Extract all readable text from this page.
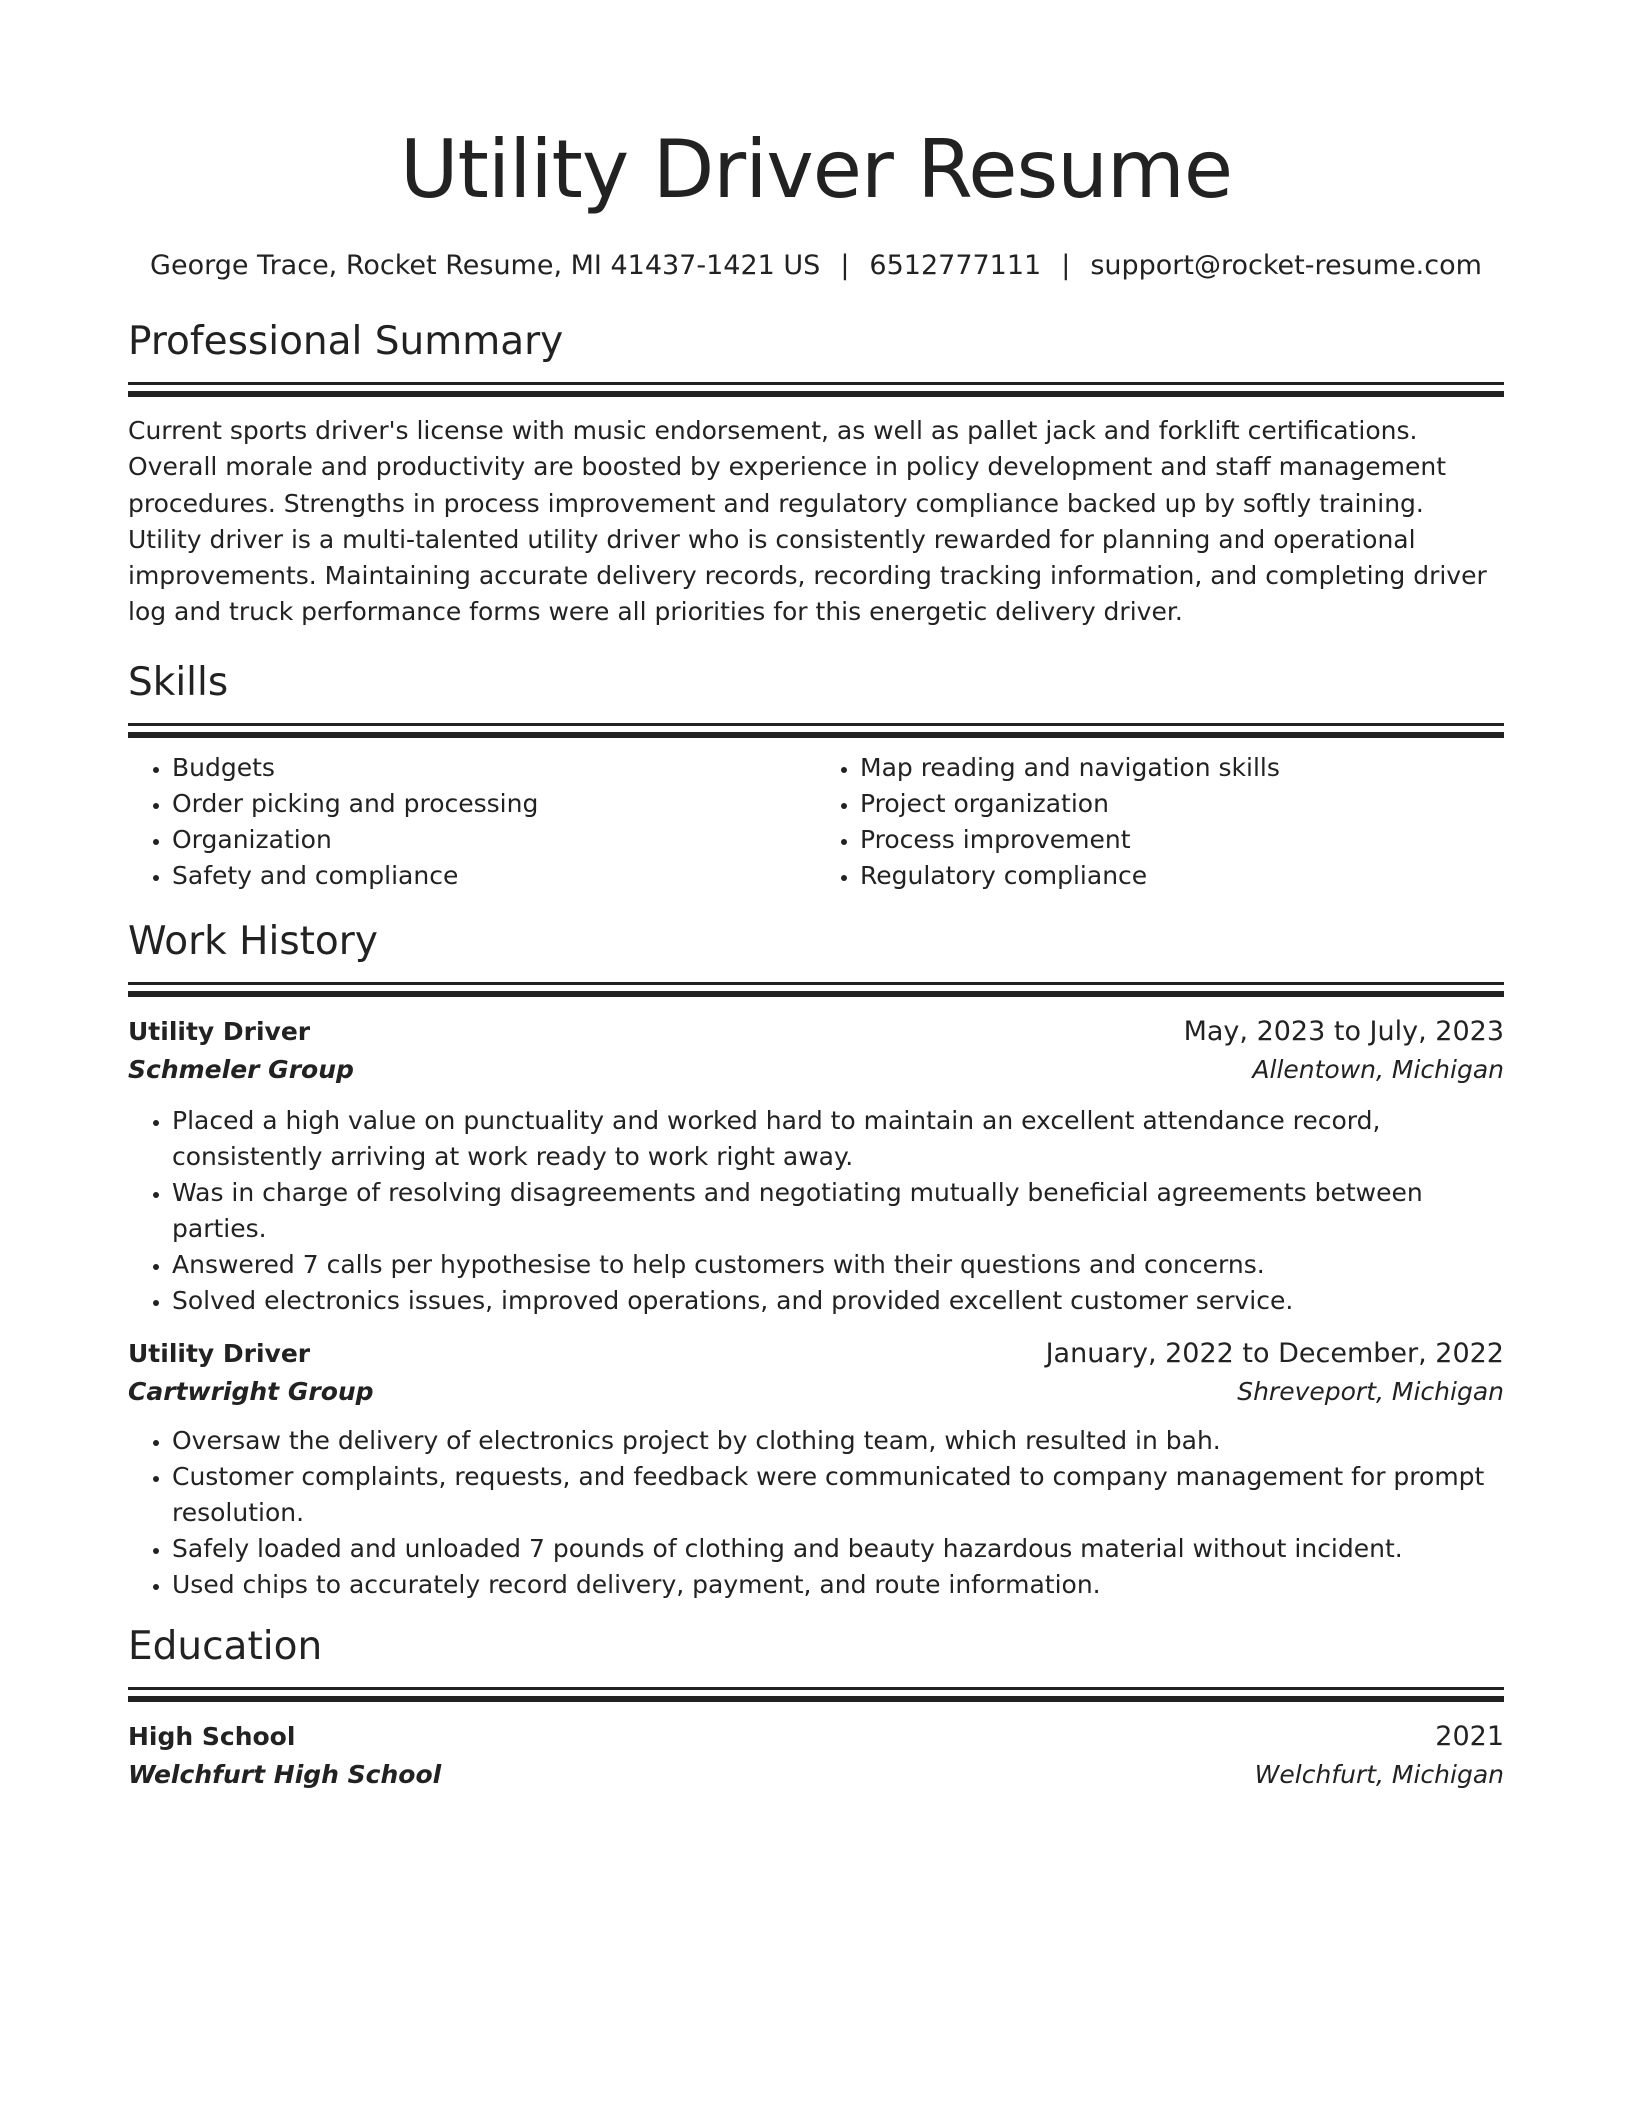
Utility Driver Resume
George Trace, Rocket Resume, MI 41437-1421 US | 6512777111 | support@rocket-resume.com
Professional Summary

Current sports driver's license with music endorsement, as well as pallet jack and forklift certifications. Overall morale and productivity are boosted by experience in policy development and staff management procedures. Strengths in process improvement and regulatory compliance backed up by softly training. Utility driver is a multi-talented utility driver who is consistently rewarded for planning and operational improvements. Maintaining accurate delivery records, recording tracking information, and completing driver log and truck performance forms were all priorities for this energetic delivery driver.

Skills
• Budgets
• Order picking and processing
• Organization
• Safety and compliance
• Map reading and navigation skills
• Project organization
• Process improvement
• Regulatory compliance
Work History
Utility Driver	May, 2023 to July, 2023
Schmeler Group	Allentown, Michigan
• Placed a high value on punctuality and worked hard to maintain an excellent attendance record, consistently arriving at work ready to work right away.
• Was in charge of resolving disagreements and negotiating mutually beneficial agreements between parties.
• Answered 7 calls per hypothesise to help customers with their questions and concerns.
• Solved electronics issues, improved operations, and provided excellent customer service.
Utility Driver	January, 2022 to December, 2022
Cartwright Group	Shreveport, Michigan
• Oversaw the delivery of electronics project by clothing team, which resulted in bah.
• Customer complaints, requests, and feedback were communicated to company management for prompt resolution.
• Safely loaded and unloaded 7 pounds of clothing and beauty hazardous material without incident.
• Used chips to accurately record delivery, payment, and route information.
Education
High School	2021
Welchfurt High School	Welchfurt, Michigan
